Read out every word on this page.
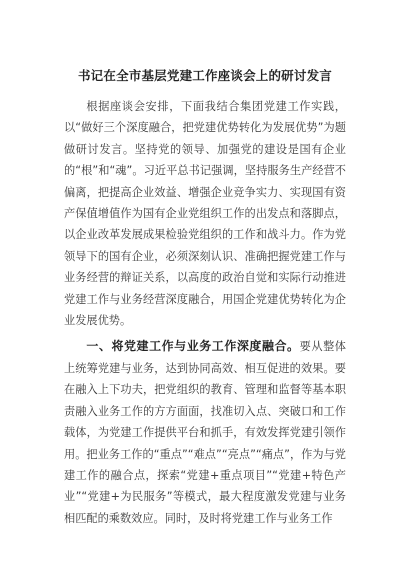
书记在全市基层党建工作座谈会上的研讨发言

根据座谈会安排，下面我结合集团党建工作实践，以“做好三个深度融合，把党建优势转化为发展优势”为题做研讨发言。坚持党的领导、加强党的建设是国有企业的“根”和“魂”。习近平总书记强调，坚持服务生产经营不偏离，把提高企业效益、增强企业竞争实力、实现国有资产保值增值作为国有企业党组织工作的出发点和落脚点，以企业改革发展成果检验党组织的工作和战斗力。作为党领导下的国有企业，必须深刻认识、准确把握党建工作与业务经营的辩证关系，以高度的政治自觉和实际行动推进党建工作与业务经营深度融合，用国企党建优势转化为企业发展优势。

一、将党建工作与业务工作深度融合。要从整体上统筹党建与业务，达到协同高效、相互促进的效果。要在融入上下功夫，把党组织的教育、管理和监督等基本职责融入业务工作的方方面面，找准切入点、突破口和工作载体，为党建工作提供平台和抓手，有效发挥党建引领作用。把业务工作的“重点”“难点”“亮点”“痛点”，作为与党建工作的融合点，探索“党建+重点项目”“党建+特色产业”“党建+为民服务”等模式，最大程度激发党建与业务相匹配的乘数效应。同时，及时将党建工作与业务工作
